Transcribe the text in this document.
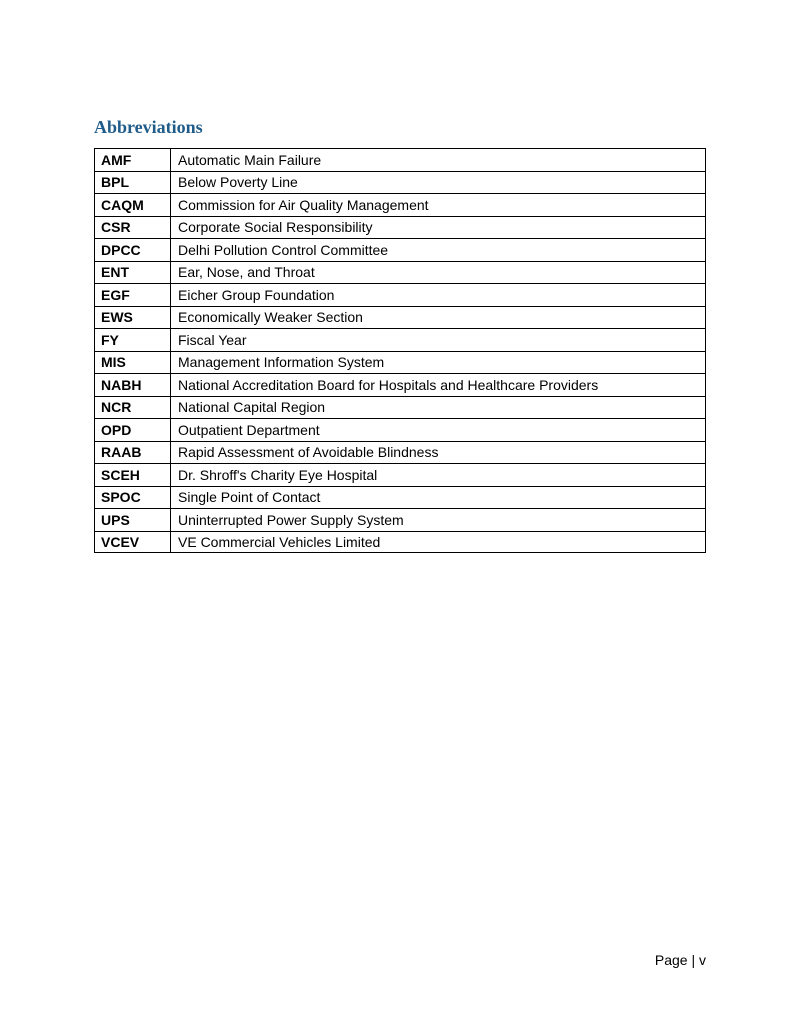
Abbreviations
AMF	Automatic Main Failure
BPL	Below Poverty Line
CAQM	Commission for Air Quality Management
CSR	Corporate Social Responsibility
DPCC	Delhi Pollution Control Committee
ENT	Ear, Nose, and Throat
EGF	Eicher Group Foundation
EWS	Economically Weaker Section
FY	Fiscal Year
MIS	Management Information System
NABH	National Accreditation Board for Hospitals and Healthcare Providers
NCR	National Capital Region
OPD	Outpatient Department
RAAB	Rapid Assessment of Avoidable Blindness
SCEH	Dr. Shroff's Charity Eye Hospital
SPOC	Single Point of Contact
UPS	Uninterrupted Power Supply System
VCEV	VE Commercial Vehicles Limited
Page | v
